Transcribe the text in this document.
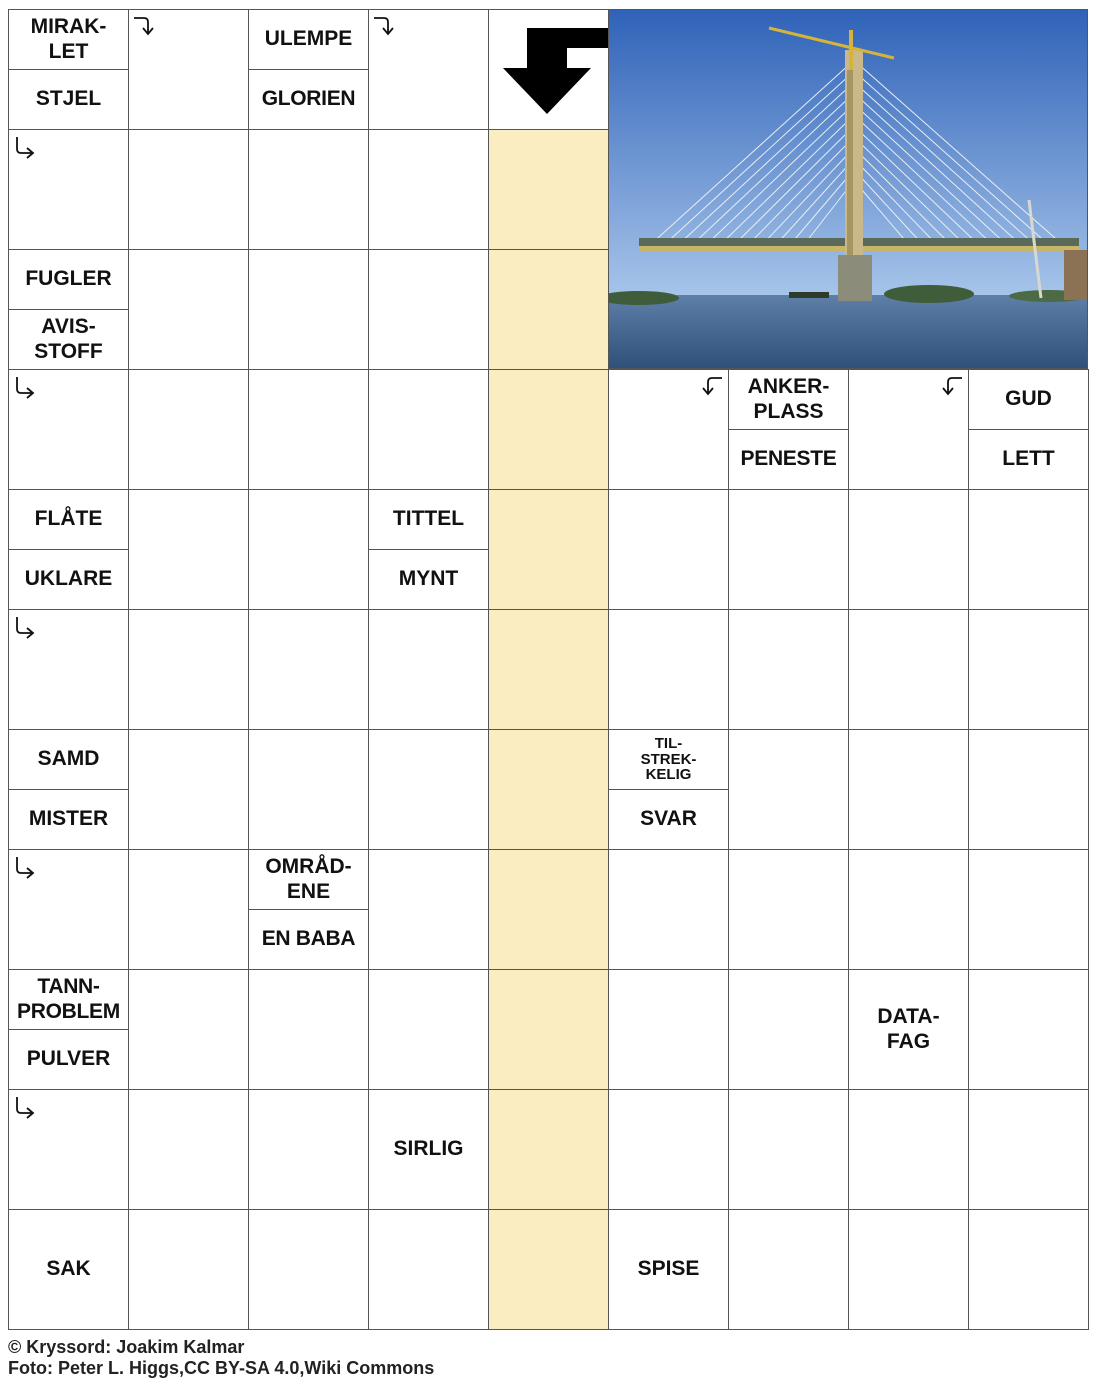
MIRAK-
LET
STJEL
ULEMPE
GLORIEN
FUGLER
AVIS-
STOFF
ANKER-
PLASS
PENESTE
GUD
LETT
FLÅTE
UKLARE
TITTEL
MYNT
SAMD
MISTER
TIL-
STREK-
KELIG
SVAR
OMRÅD-
ENE
EN BABA
TANN-
PROBLEM
PULVER
DATA-
FAG
SIRLIG
SAK	SPISE
© Kryssord: Joakim Kalmar
Foto: Peter L. Higgs,CC BY-SA 4.0,Wiki Commons
